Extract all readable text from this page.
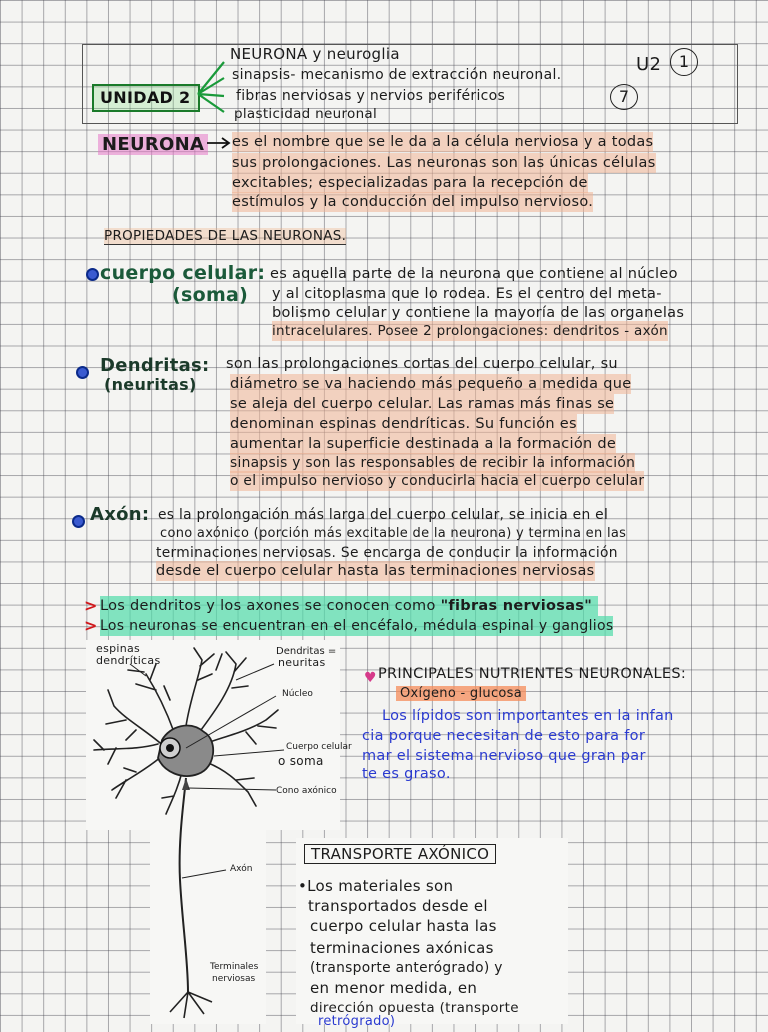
UNIDAD 2
NEURONA y neuroglia
sinapsis- mecanismo de extracción neuronal.
fibras nerviosas y nervios periféricos
plasticidad neuronal
U2	1
7
NEURONA es el nombre que se le da a la célula nerviosa y a todas
sus prolongaciones. Las neuronas son las únicas células
excitables; especializadas para la recepción de
estímulos y la conducción del impulso nervioso.
PROPIEDADES DE LAS NEURONAS.
cuerpo celular:
(soma)
es aquella parte de la neurona que contiene al núcleo
y al citoplasma que lo rodea. Es el centro del meta-
bolismo celular y contiene la mayoría de las organelas
intracelulares. Posee 2 prolongaciones: dendritos - axón
Dendritas:
(neuritas)
son las prolongaciones cortas del cuerpo celular, su
diámetro se va haciendo más pequeño a medida que
se aleja del cuerpo celular. Las ramas más finas se
denominan espinas dendríticas. Su función es
aumentar la superficie destinada a la formación de
sinapsis y son las responsables de recibir la información
o el impulso nervioso y conducirla hacia el cuerpo celular
Axón: es la prolongación más larga del cuerpo celular, se inicia en el
cono axónico (porción más excitable de la neurona) y termina en las
terminaciones nerviosas. Se encarga de conducir la información
desde el cuerpo celular hasta las terminaciones nerviosas
> Los dendritos y los axones se conocen como "fibras nerviosas"
> Los neuronas se encuentran en el encéfalo, médula espinal y ganglios
espinas
dendríticas
Dendritas =
neuritas
Núcleo
Cuerpo celular
o soma
Cono axónico
Axón
Terminales
nerviosas
♥ PRINCIPALES NUTRIENTES NEURONALES:
Oxígeno - glucosa
Los lípidos son importantes en la infan
cia porque necesitan de esto para for
mar el sistema nervioso que gran par
te es graso.
TRANSPORTE AXÓNICO
•Los materiales son
transportados desde el
cuerpo celular hasta las
terminaciones axónicas
(transporte anterógrado) y
en menor medida, en
dirección opuesta (transporte
retrógrado)
